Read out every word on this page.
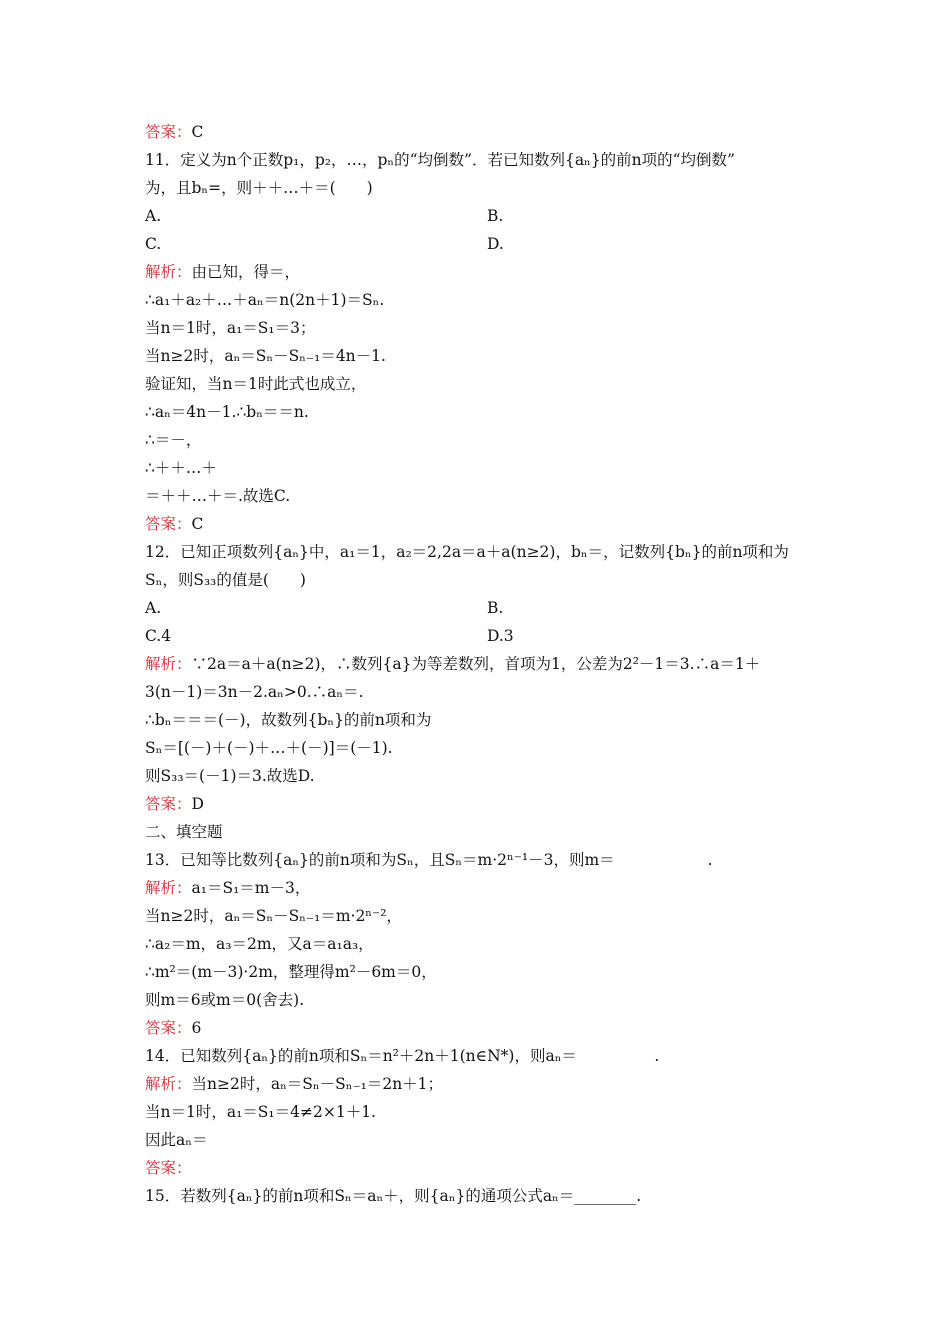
答案：C
11．定义为n个正数p₁，p₂，…，pₙ的“均倒数”．若已知数列{aₙ}的前n项的“均倒数”
为，且bₙ=，则＋＋…＋＝(　　)
A.	B.
C.	D.
解析：由已知，得＝，
∴a₁＋a₂＋…＋aₙ＝n(2n＋1)＝Sₙ.
当n＝1时，a₁＝S₁＝3；
当n≥2时，aₙ＝Sₙ－Sₙ₋₁＝4n－1.
验证知，当n＝1时此式也成立，
∴aₙ＝4n－1.∴bₙ＝＝n.
∴＝－，
∴＋＋…＋
＝＋＋…＋＝.故选C.
答案：C
12．已知正项数列{aₙ}中，a₁＝1，a₂＝2,2a＝a＋a(n≥2)，bₙ＝，记数列{bₙ}的前n项和为
Sₙ，则S₃₃的值是(　　)
A.	B.
C.4	D.3
解析：∵2a＝a＋a(n≥2)，∴数列{a}为等差数列，首项为1，公差为2²－1＝3.∴a＝1＋
3(n－1)＝3n－2.aₙ>0.∴aₙ＝.
∴bₙ＝＝＝(－)，故数列{bₙ}的前n项和为
Sₙ＝[(－)＋(－)＋…＋(－)]＝(－1).
则S₃₃＝(－1)＝3.故选D.
答案：D
二、填空题
13．已知等比数列{aₙ}的前n项和为Sₙ，且Sₙ＝m·2ⁿ⁻¹－3，则m＝　　　　　　.
解析：a₁＝S₁＝m－3，
当n≥2时，aₙ＝Sₙ－Sₙ₋₁＝m·2ⁿ⁻²，
∴a₂＝m，a₃＝2m，又a＝a₁a₃，
∴m²＝(m－3)·2m，整理得m²－6m＝0，
则m＝6或m＝0(舍去).
答案：6
14．已知数列{aₙ}的前n项和Sₙ＝n²＋2n＋1(n∈N*)，则aₙ＝　　　　　.
解析：当n≥2时，aₙ＝Sₙ－Sₙ₋₁＝2n＋1；
当n＝1时，a₁＝S₁＝4≠2×1＋1.
因此aₙ＝
答案：
15．若数列{aₙ}的前n项和Sₙ＝aₙ＋，则{aₙ}的通项公式aₙ＝________.
